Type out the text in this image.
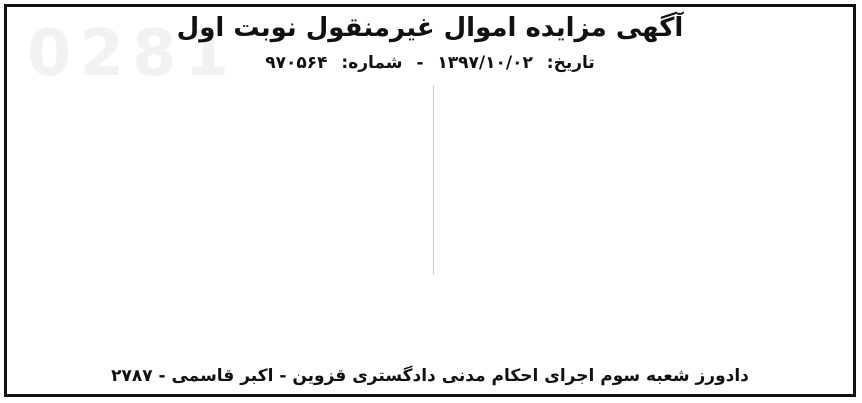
0281
آگهی مزایده اموال غیرمنقول نوبت اول
تاریخ: ۱۳۹۷/۱۰/۰۲ - شماره: ۹۷۰۵۶۴
دادورز شعبه سوم اجرای احکام مدنی دادگستری قزوین - اکبر قاسمی - ۲۷۸۷
